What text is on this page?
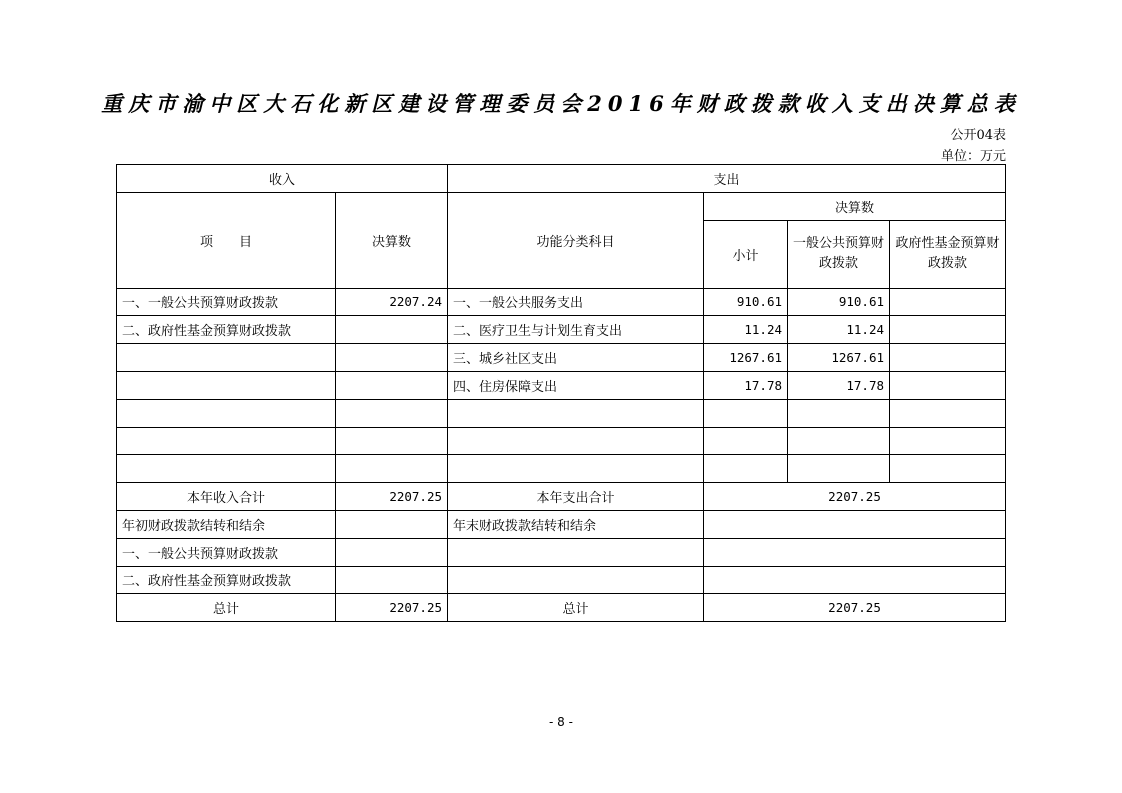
重庆市渝中区大石化新区建设管理委员会2016年财政拨款收入支出决算总表
公开04表
单位：万元
收入		支出			
项　　目	决算数	功能分类科目	决算数		
			小计	一般公共预算财政拨款	政府性基金预算财政拨款
一、一般公共预算财政拨款	2207.24	一、一般公共服务支出	910.61	910.61	
二、政府性基金预算财政拨款		二、医疗卫生与计划生育支出	11.24	11.24	
		三、城乡社区支出	1267.61	1267.61	
		四、住房保障支出	17.78	17.78	

本年收入合计	2207.25	本年支出合计	2207.25		
年初财政拨款结转和结余		年末财政拨款结转和结余			
一、一般公共预算财政拨款					
二、政府性基金预算财政拨款					
总计	2207.25	总计	2207.25		
- 8 -
